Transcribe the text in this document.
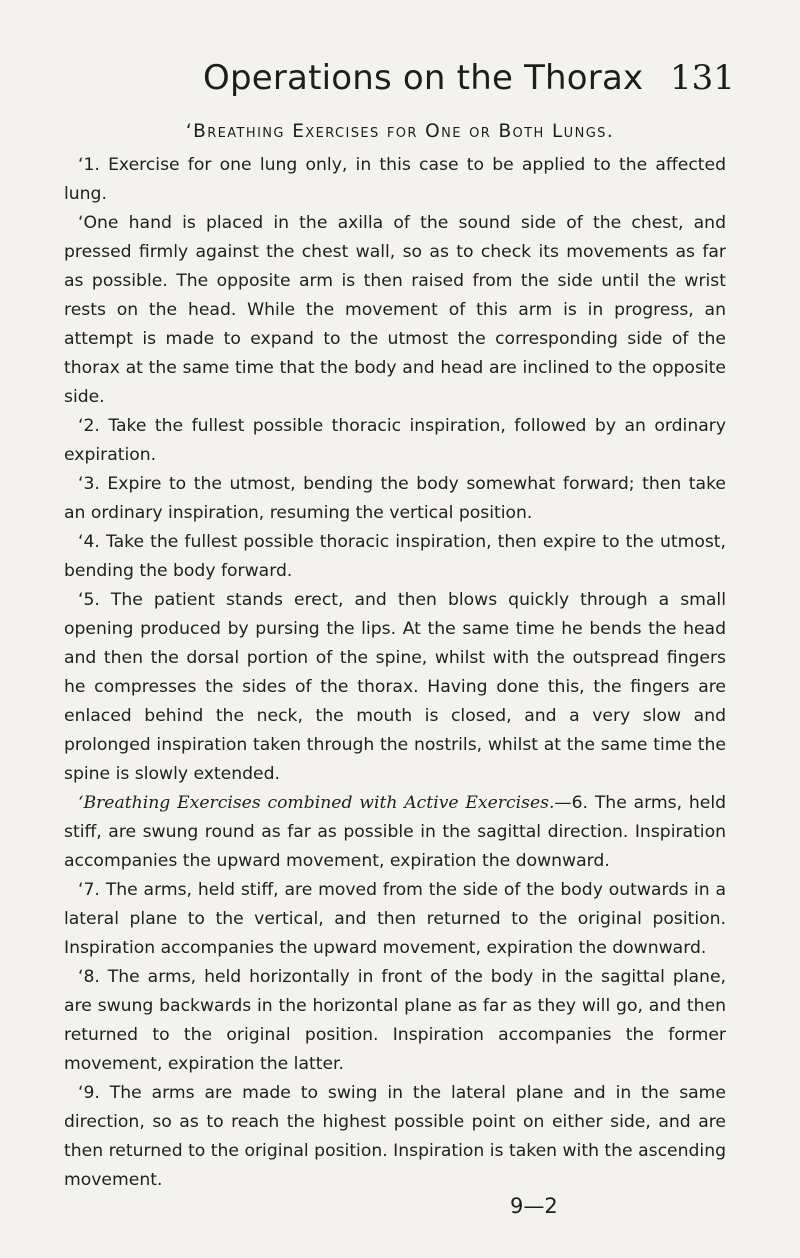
Operations on the Thorax 131
‘Breathing Exercises for One or Both Lungs.

‘1. Exercise for one lung only, in this case to be applied to the affected lung.

‘One hand is placed in the axilla of the sound side of the chest, and pressed firmly against the chest wall, so as to check its movements as far as possible. The opposite arm is then raised from the side until the wrist rests on the head. While the movement of this arm is in progress, an attempt is made to expand to the utmost the corresponding side of the thorax at the same time that the body and head are inclined to the opposite side.

‘2. Take the fullest possible thoracic inspiration, followed by an ordinary expiration.

‘3. Expire to the utmost, bending the body somewhat forward; then take an ordinary inspiration, resuming the vertical position.

‘4. Take the fullest possible thoracic inspiration, then expire to the utmost, bending the body forward.

‘5. The patient stands erect, and then blows quickly through a small opening produced by pursing the lips. At the same time he bends the head and then the dorsal portion of the spine, whilst with the outspread fingers he compresses the sides of the thorax. Having done this, the fingers are enlaced behind the neck, the mouth is closed, and a very slow and prolonged inspiration taken through the nostrils, whilst at the same time the spine is slowly extended.

‘Breathing Exercises combined with Active Exercises.—6. The arms, held stiff, are swung round as far as possible in the sagittal direction. Inspiration accompanies the upward movement, expiration the downward.

‘7. The arms, held stiff, are moved from the side of the body outwards in a lateral plane to the vertical, and then returned to the original position. Inspiration accompanies the upward movement, expiration the downward.

‘8. The arms, held horizontally in front of the body in the sagittal plane, are swung backwards in the horizontal plane as far as they will go, and then returned to the original position. Inspiration accompanies the former movement, expiration the latter.

‘9. The arms are made to swing in the lateral plane and in the same direction, so as to reach the highest possible point on either side, and are then returned to the original position. Inspiration is taken with the ascending movement.

9—2
